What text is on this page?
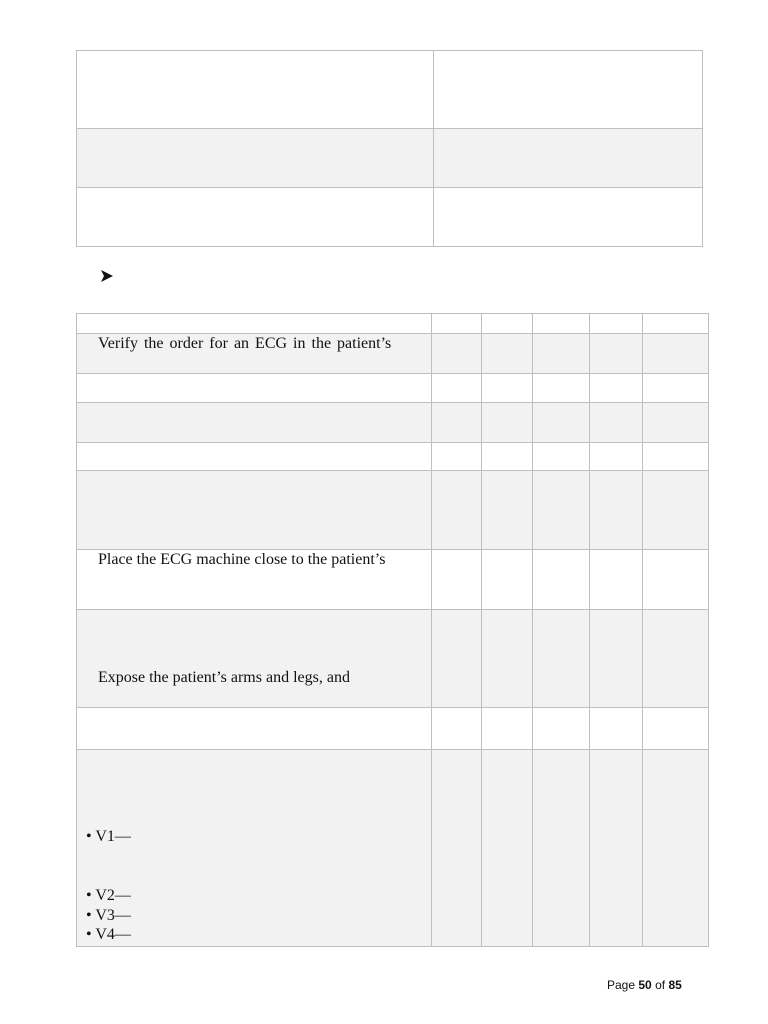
Verify the order for an ECG in the patient’s
Place the ECG machine close to the patient’s
Expose the patient’s arms and legs, and
• V1—
• V2—
• V3—
• V4—
Page 50 of 85
